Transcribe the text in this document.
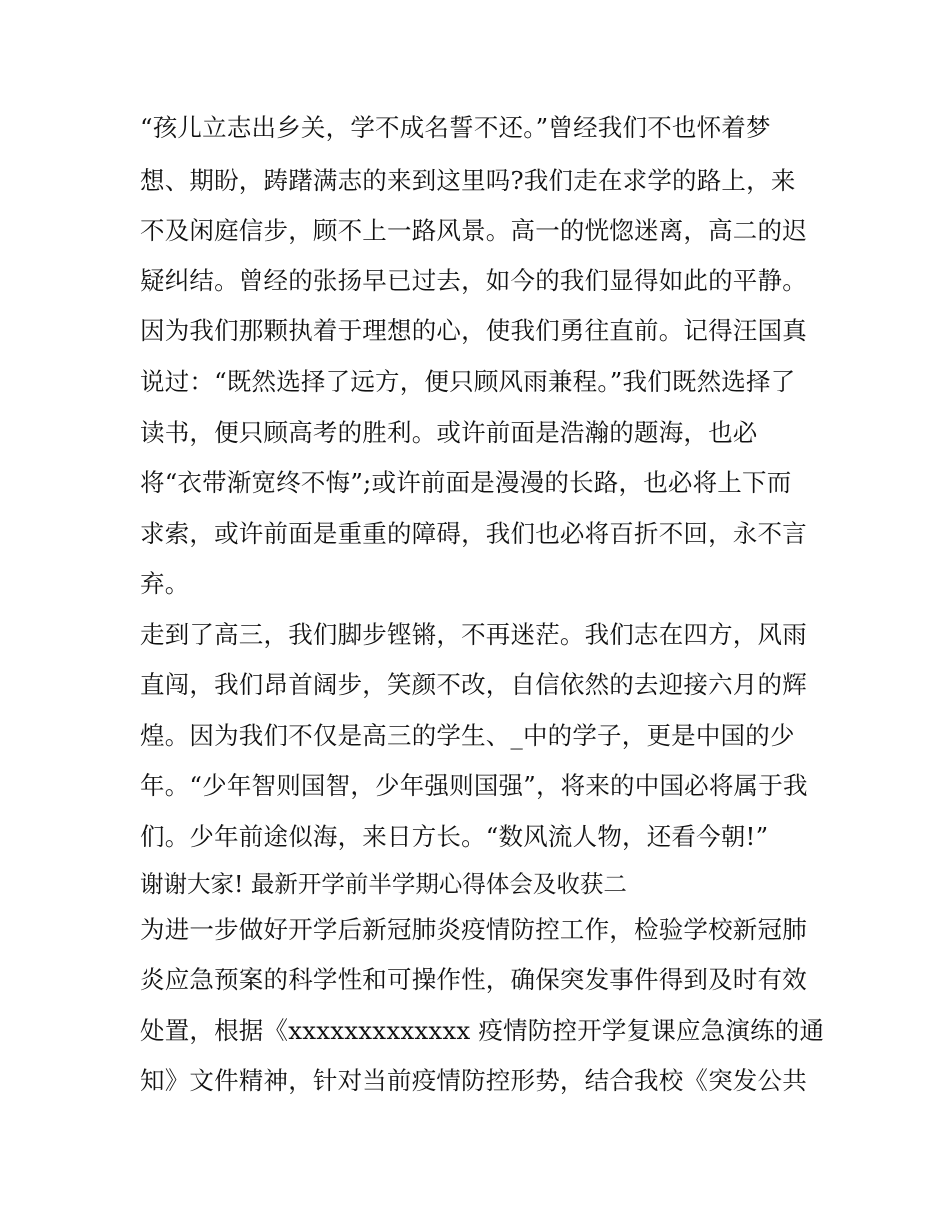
“孩儿立志出乡关，学不成名誓不还。”曾经我们不也怀着梦
想、期盼，踌躇满志的来到这里吗?我们走在求学的路上，来
不及闲庭信步，顾不上一路风景。高一的恍惚迷离，高二的迟
疑纠结。曾经的张扬早已过去，如今的我们显得如此的平静。
因为我们那颗执着于理想的心，使我们勇往直前。记得汪国真
说过：“既然选择了远方，便只顾风雨兼程。”我们既然选择了
读书，便只顾高考的胜利。或许前面是浩瀚的题海，也必
将“衣带渐宽终不悔”;或许前面是漫漫的长路，也必将上下而
求索，或许前面是重重的障碍，我们也必将百折不回，永不言
弃。
走到了高三，我们脚步铿锵，不再迷茫。我们志在四方，风雨
直闯，我们昂首阔步，笑颜不改，自信依然的去迎接六月的辉
煌。因为我们不仅是高三的学生、_中的学子，更是中国的少
年。“少年智则国智，少年强则国强”，将来的中国必将属于我
们。少年前途似海，来日方长。“数风流人物，还看今朝!”
谢谢大家! 最新开学前半学期心得体会及收获二
为进一步做好开学后新冠肺炎疫情防控工作，检验学校新冠肺
炎应急预案的科学性和可操作性，确保突发事件得到及时有效
处置，根据《xxxxxxxxxxxxx 疫情防控开学复课应急演练的通
知》文件精神，针对当前疫情防控形势，结合我校《突发公共
